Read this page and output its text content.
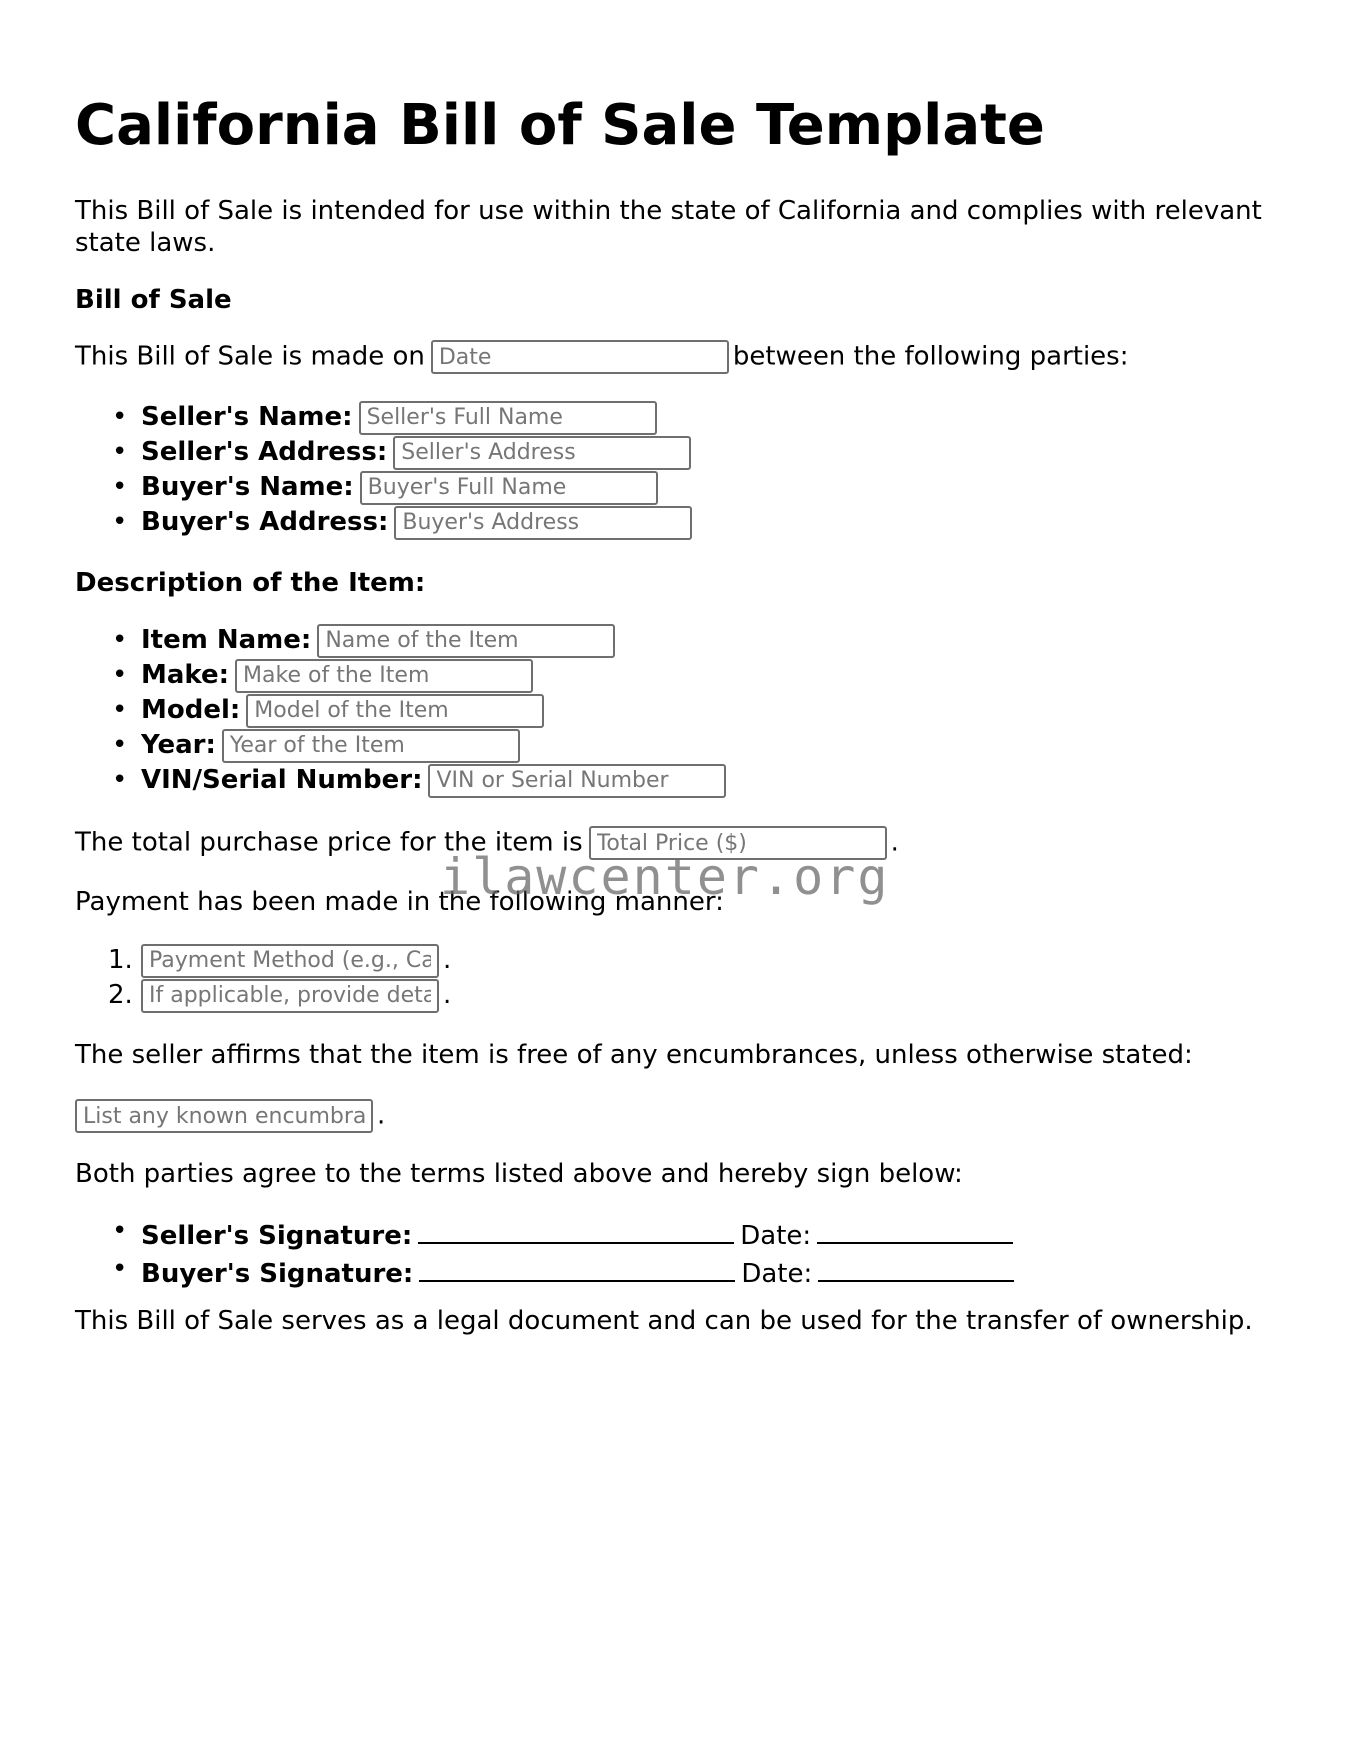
California Bill of Sale Template

This Bill of Sale is intended for use within the state of California and complies with relevant state laws.

Bill of Sale

This Bill of Sale is made onDate	between the following parties:

• Seller's Name:Seller's Full Name
• Seller's Address:Seller's Address
• Buyer's Name:Buyer's Full Name
• Buyer's Address:Buyer's Address

Description of the Item:

• Item Name:Name of the Item
• Make:Make of the Item
• Model:Model of the Item
• Year:Year of the Item
• VIN/Serial Number:VIN or Serial Number

The total purchase price for the item isTotal Price ($)	.

Payment has been made in the following manner:

1.
Payment Method (e.g., Cash, Check, etc.)	.
2.
If applicable, provide details	.

The seller affirms that the item is free of any encumbrances, unless otherwise stated:

List any known encumbrances.

Both parties agree to the terms listed above and hereby sign below:

• Seller's Signature:	Date:
• Buyer's Signature:	Date:

This Bill of Sale serves as a legal document and can be used for the transfer of ownership.

ilawcenter.org
